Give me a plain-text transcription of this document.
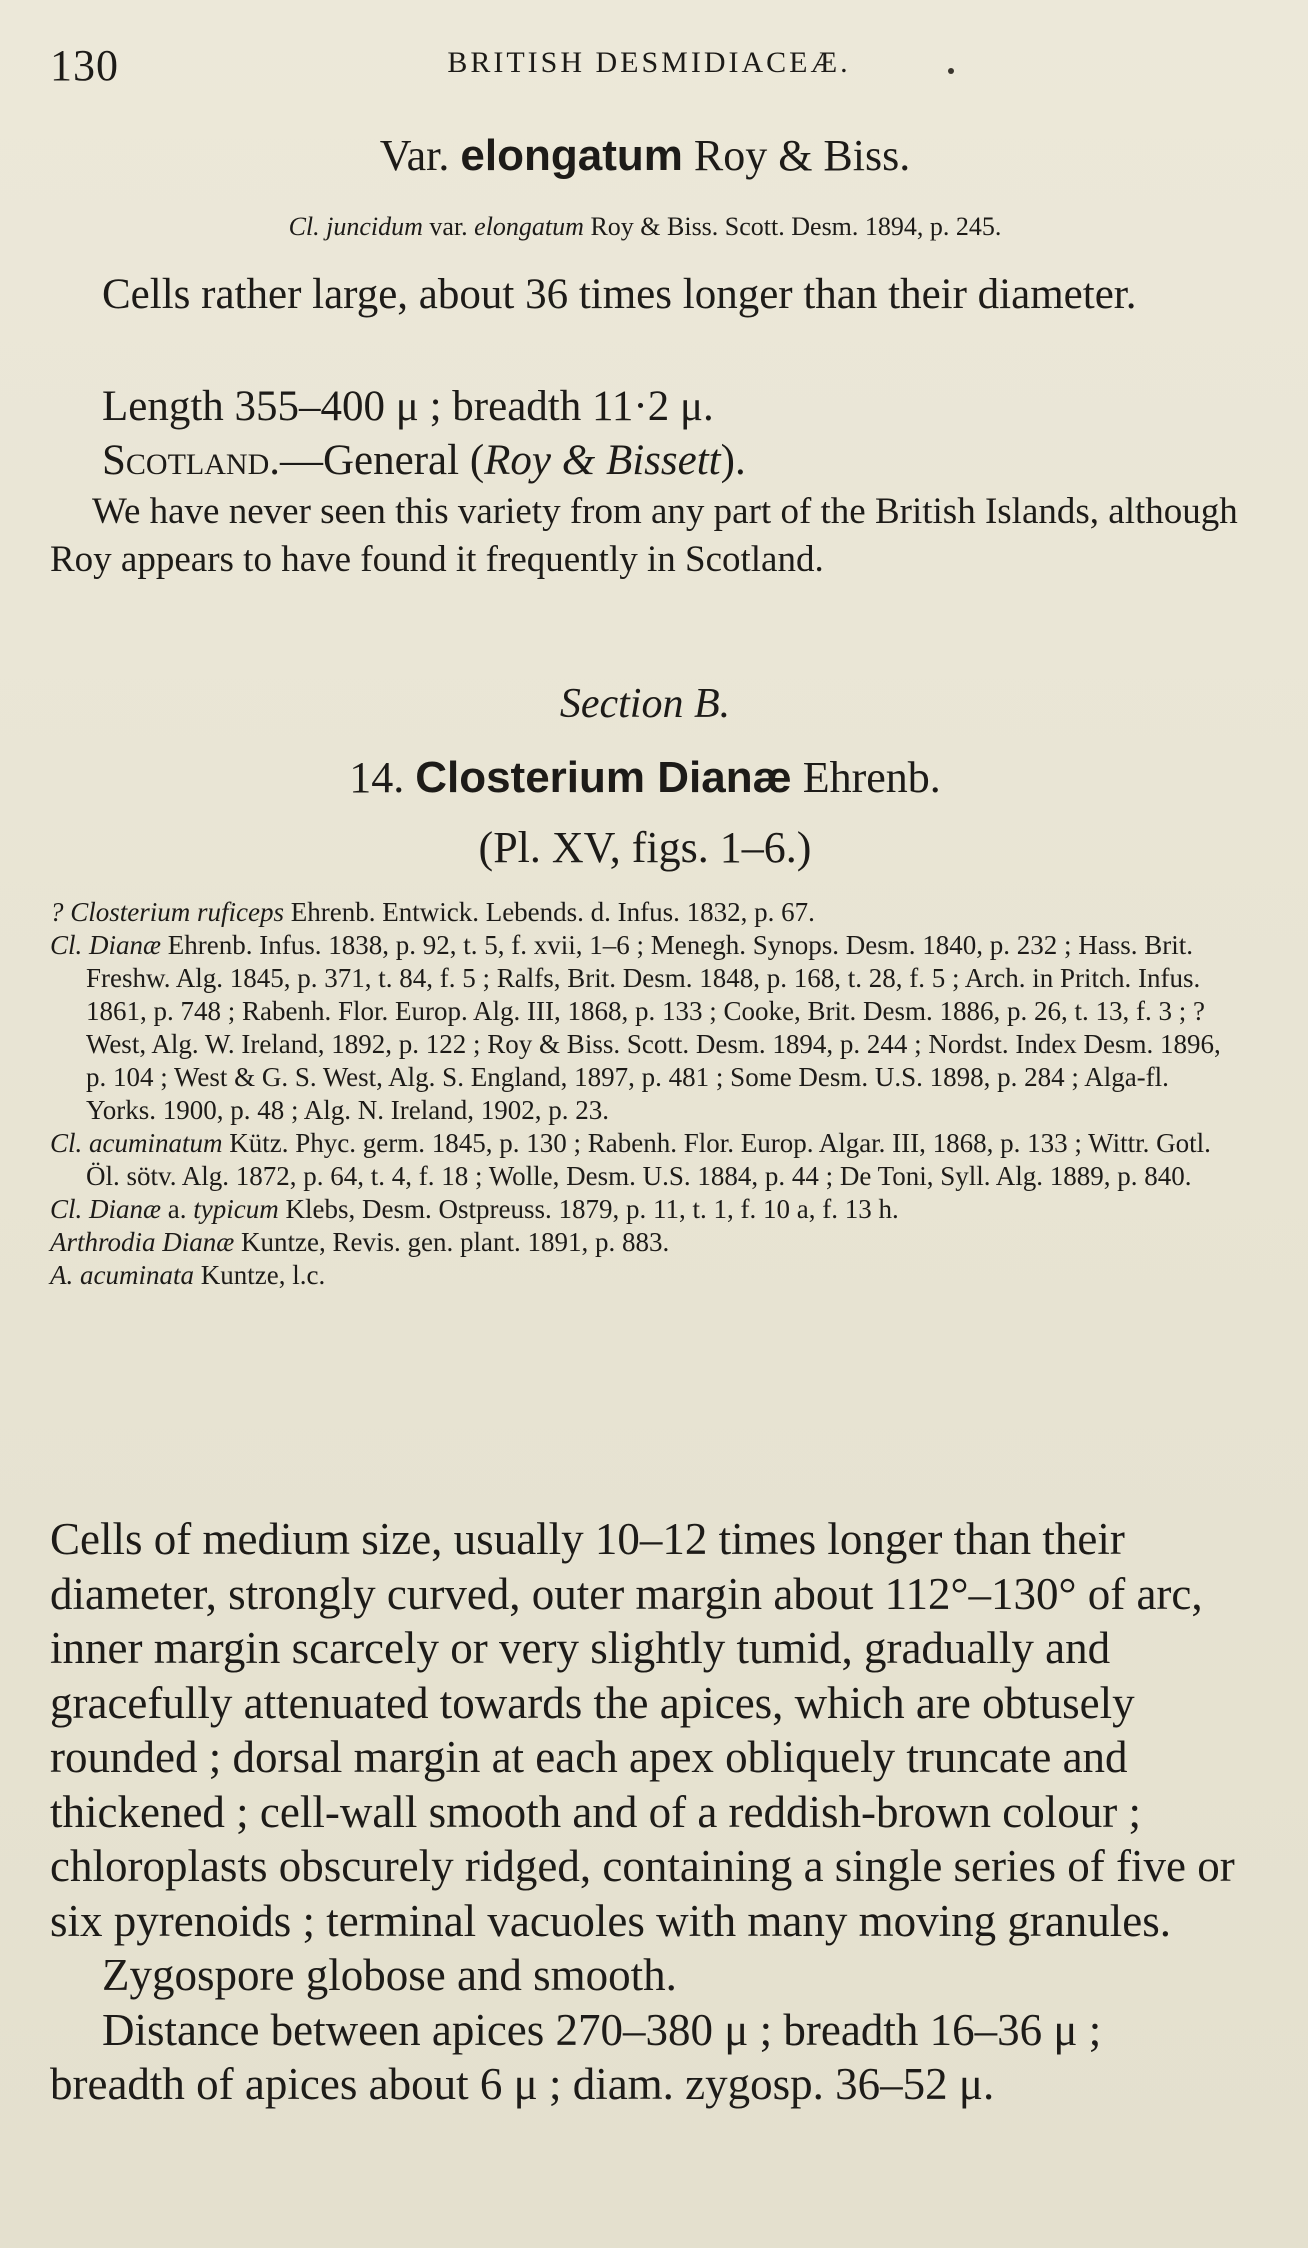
130	BRITISH DESMIDIACEÆ.
Var. elongatum Roy & Biss.
Cl. juncidum var. elongatum Roy & Biss. Scott. Desm. 1894, p. 245.
Cells rather large, about 36 times longer than their diameter.
Length 355–400 μ ; breadth 11·2 μ.
Scotland.—General (Roy & Bissett).
We have never seen this variety from any part of the British Islands, although Roy appears to have found it frequently in Scotland.
Section B.
14. Closterium Dianæ Ehrenb.
(Pl. XV, figs. 1–6.)

? Closterium ruficeps Ehrenb. Entwick. Lebends. d. Infus. 1832, p. 67.

Cl. Dianæ Ehrenb. Infus. 1838, p. 92, t. 5, f. xvii, 1–6 ; Menegh. Synops. Desm. 1840, p. 232 ; Hass. Brit. Freshw. Alg. 1845, p. 371, t. 84, f. 5 ; Ralfs, Brit. Desm. 1848, p. 168, t. 28, f. 5 ; Arch. in Pritch. Infus. 1861, p. 748 ; Rabenh. Flor. Europ. Alg. III, 1868, p. 133 ; Cooke, Brit. Desm. 1886, p. 26, t. 13, f. 3 ; ? West, Alg. W. Ireland, 1892, p. 122 ; Roy & Biss. Scott. Desm. 1894, p. 244 ; Nordst. Index Desm. 1896, p. 104 ; West & G. S. West, Alg. S. England, 1897, p. 481 ; Some Desm. U.S. 1898, p. 284 ; Alga-fl. Yorks. 1900, p. 48 ; Alg. N. Ireland, 1902, p. 23.

Cl. acuminatum Kütz. Phyc. germ. 1845, p. 130 ; Rabenh. Flor. Europ. Algar. III, 1868, p. 133 ; Wittr. Gotl. Öl. sötv. Alg. 1872, p. 64, t. 4, f. 18 ; Wolle, Desm. U.S. 1884, p. 44 ; De Toni, Syll. Alg. 1889, p. 840.

Cl. Dianæ a. typicum Klebs, Desm. Ostpreuss. 1879, p. 11, t. 1, f. 10 a, f. 13 h.

Arthrodia Dianæ Kuntze, Revis. gen. plant. 1891, p. 883.

A. acuminata Kuntze, l.c.

Cells of medium size, usually 10–12 times longer than their diameter, strongly curved, outer margin about 112°–130° of arc, inner margin scarcely or very slightly tumid, gradually and gracefully attenuated towards the apices, which are obtusely rounded ; dorsal margin at each apex obliquely truncate and thickened ; cell-wall smooth and of a reddish-brown colour ; chloroplasts obscurely ridged, containing a single series of five or six pyrenoids ; terminal vacuoles with many moving granules.

Zygospore globose and smooth.

Distance between apices 270–380 μ ; breadth 16–36 μ ; breadth of apices about 6 μ ; diam. zygosp. 36–52 μ.
